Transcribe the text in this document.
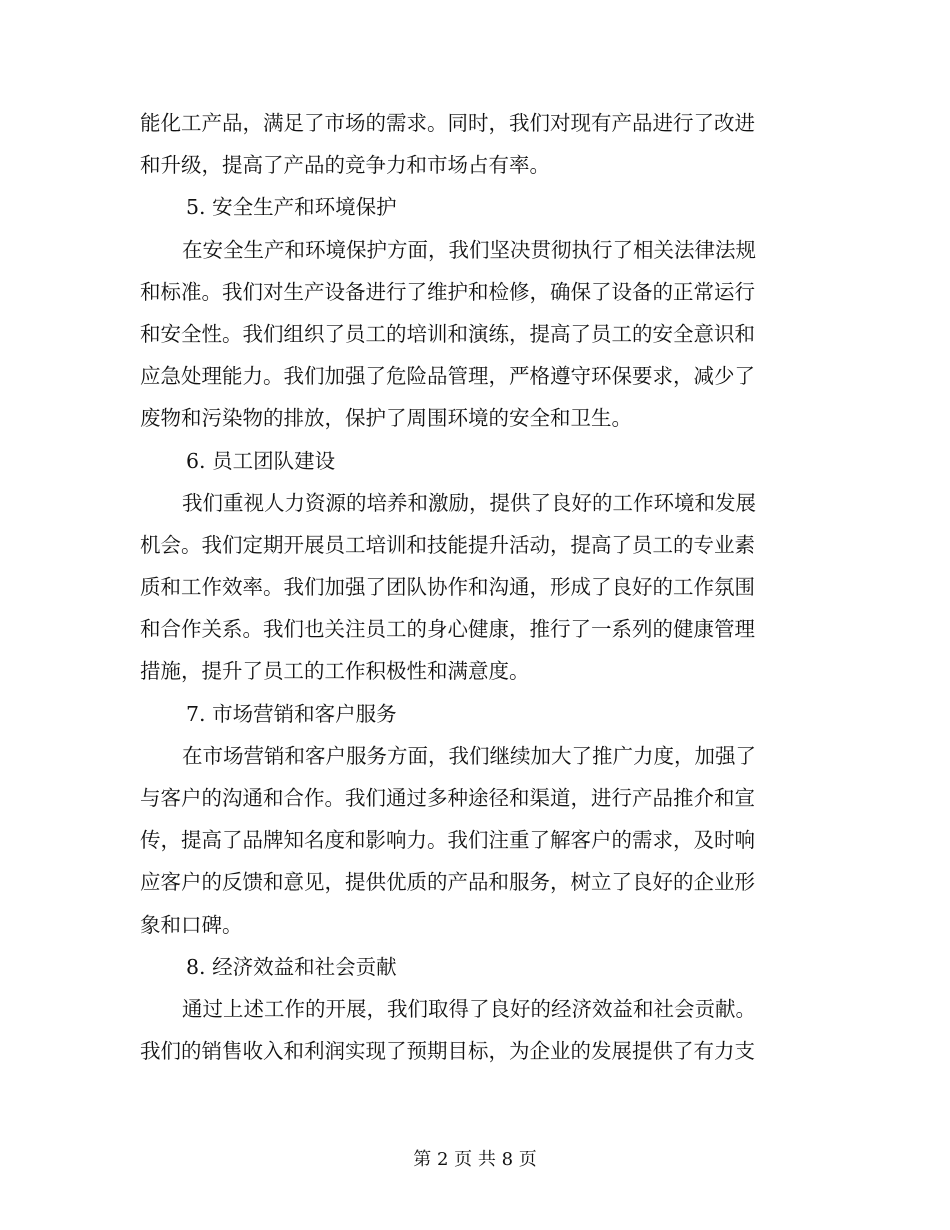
能化工产品，满足了市场的需求。同时，我们对现有产品进行了改进
和升级，提高了产品的竞争力和市场占有率。
5. 安全生产和环境保护
在安全生产和环境保护方面，我们坚决贯彻执行了相关法律法规
和标准。我们对生产设备进行了维护和检修，确保了设备的正常运行
和安全性。我们组织了员工的培训和演练，提高了员工的安全意识和
应急处理能力。我们加强了危险品管理，严格遵守环保要求，减少了
废物和污染物的排放，保护了周围环境的安全和卫生。
6. 员工团队建设
我们重视人力资源的培养和激励，提供了良好的工作环境和发展
机会。我们定期开展员工培训和技能提升活动，提高了员工的专业素
质和工作效率。我们加强了团队协作和沟通，形成了良好的工作氛围
和合作关系。我们也关注员工的身心健康，推行了一系列的健康管理
措施，提升了员工的工作积极性和满意度。
7. 市场营销和客户服务
在市场营销和客户服务方面，我们继续加大了推广力度，加强了
与客户的沟通和合作。我们通过多种途径和渠道，进行产品推介和宣
传，提高了品牌知名度和影响力。我们注重了解客户的需求，及时响
应客户的反馈和意见，提供优质的产品和服务，树立了良好的企业形
象和口碑。
8. 经济效益和社会贡献
通过上述工作的开展，我们取得了良好的经济效益和社会贡献。
我们的销售收入和利润实现了预期目标，为企业的发展提供了有力支
第 2 页 共 8 页
